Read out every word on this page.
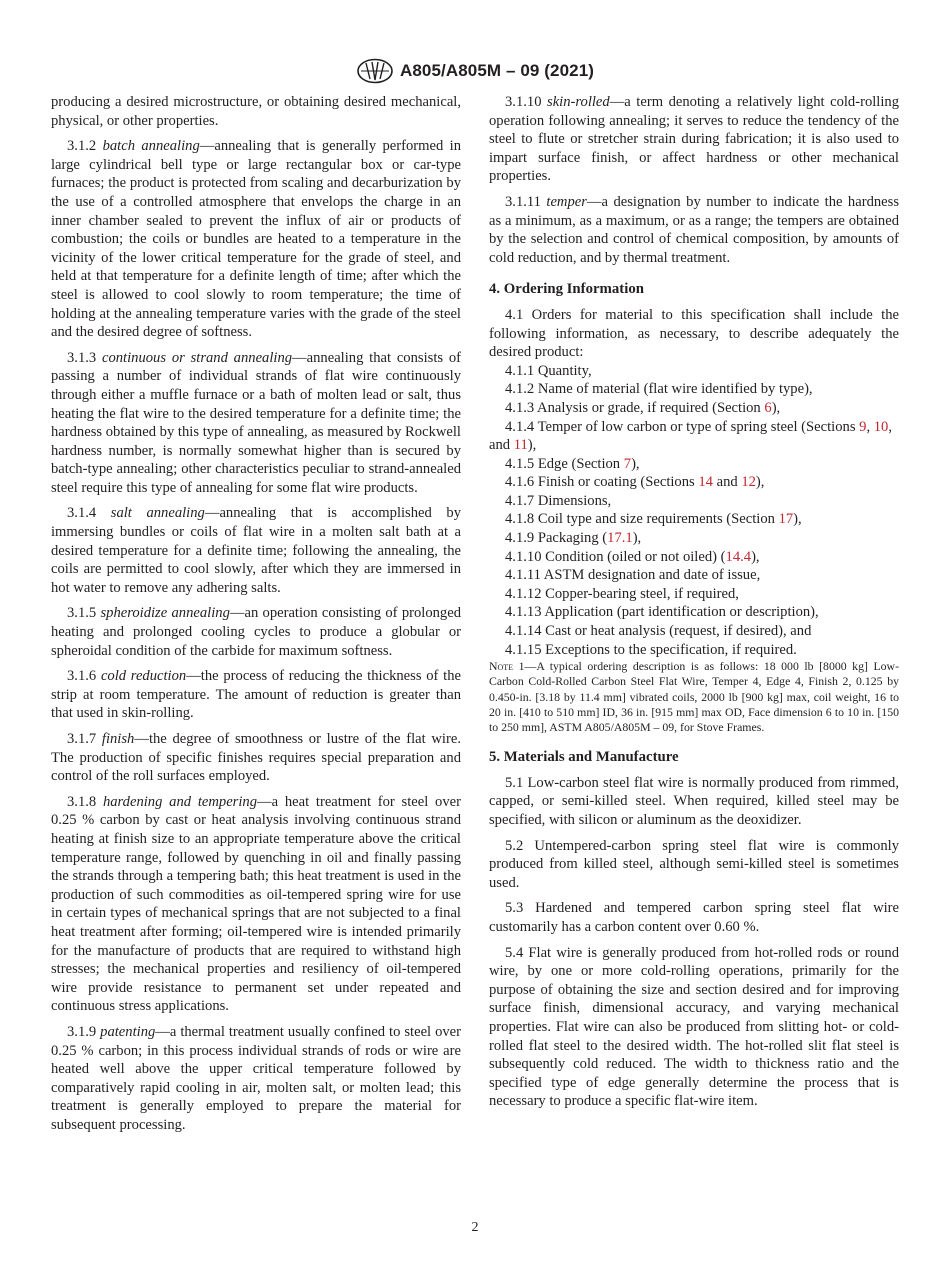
A805/A805M – 09 (2021)

producing a desired microstructure, or obtaining desired mechanical, physical, or other properties.

3.1.2 batch annealing—annealing that is generally performed in large cylindrical bell type or large rectangular box or car-type furnaces; the product is protected from scaling and decarburization by the use of a controlled atmosphere that envelops the charge in an inner chamber sealed to prevent the influx of air or products of combustion; the coils or bundles are heated to a temperature in the vicinity of the lower critical temperature for the grade of steel, and held at that temperature for a definite length of time; after which the steel is allowed to cool slowly to room temperature; the time of holding at the annealing temperature varies with the grade of the steel and the desired degree of softness.

3.1.3 continuous or strand annealing—annealing that consists of passing a number of individual strands of flat wire continuously through either a muffle furnace or a bath of molten lead or salt, thus heating the flat wire to the desired temperature for a definite time; the hardness obtained by this type of annealing, as measured by Rockwell hardness number, is normally somewhat higher than is secured by batch-type annealing; other characteristics peculiar to strand-annealed steel require this type of annealing for some flat wire products.

3.1.4 salt annealing—annealing that is accomplished by immersing bundles or coils of flat wire in a molten salt bath at a desired temperature for a definite time; following the annealing, the coils are permitted to cool slowly, after which they are immersed in hot water to remove any adhering salts.

3.1.5 spheroidize annealing—an operation consisting of prolonged heating and prolonged cooling cycles to produce a globular or spheroidal condition of the carbide for maximum softness.

3.1.6 cold reduction—the process of reducing the thickness of the strip at room temperature. The amount of reduction is greater than that used in skin-rolling.

3.1.7 finish—the degree of smoothness or lustre of the flat wire. The production of specific finishes requires special preparation and control of the roll surfaces employed.

3.1.8 hardening and tempering—a heat treatment for steel over 0.25 % carbon by cast or heat analysis involving continuous strand heating at finish size to an appropriate temperature above the critical temperature range, followed by quenching in oil and finally passing the strands through a tempering bath; this heat treatment is used in the production of such commodities as oil-tempered spring wire for use in certain types of mechanical springs that are not subjected to a final heat treatment after forming; oil-tempered wire is intended primarily for the manufacture of products that are required to withstand high stresses; the mechanical properties and resiliency of oil-tempered wire provide resistance to permanent set under repeated and continuous stress applications.

3.1.9 patenting—a thermal treatment usually confined to steel over 0.25 % carbon; in this process individual strands of rods or wire are heated well above the upper critical temperature followed by comparatively rapid cooling in air, molten salt, or molten lead; this treatment is generally employed to prepare the material for subsequent processing.

3.1.10 skin-rolled—a term denoting a relatively light cold-rolling operation following annealing; it serves to reduce the tendency of the steel to flute or stretcher strain during fabrication; it is also used to impart surface finish, or affect hardness or other mechanical properties.

3.1.11 temper—a designation by number to indicate the hardness as a minimum, as a maximum, or as a range; the tempers are obtained by the selection and control of chemical composition, by amounts of cold reduction, and by thermal treatment.

4. Ordering Information

4.1 Orders for material to this specification shall include the following information, as necessary, to describe adequately the desired product:

4.1.1 Quantity,

4.1.2 Name of material (flat wire identified by type),

4.1.3 Analysis or grade, if required (Section 6),

4.1.4 Temper of low carbon or type of spring steel (Sections 9, 10, and 11),

4.1.5 Edge (Section 7),

4.1.6 Finish or coating (Sections 14 and 12),

4.1.7 Dimensions,

4.1.8 Coil type and size requirements (Section 17),

4.1.9 Packaging (17.1),

4.1.10 Condition (oiled or not oiled) (14.4),

4.1.11 ASTM designation and date of issue,

4.1.12 Copper-bearing steel, if required,

4.1.13 Application (part identification or description),

4.1.14 Cast or heat analysis (request, if desired), and

4.1.15 Exceptions to the specification, if required.

Note 1—A typical ordering description is as follows: 18 000 lb [8000 kg] Low-Carbon Cold-Rolled Carbon Steel Flat Wire, Temper 4, Edge 4, Finish 2, 0.125 by 0.450-in. [3.18 by 11.4 mm] vibrated coils, 2000 lb [900 kg] max, coil weight, 16 to 20 in. [410 to 510 mm] ID, 36 in. [915 mm] max OD, Face dimension 6 to 10 in. [150 to 250 mm], ASTM A805/A805M – 09, for Stove Frames.

5. Materials and Manufacture

5.1 Low-carbon steel flat wire is normally produced from rimmed, capped, or semi-killed steel. When required, killed steel may be specified, with silicon or aluminum as the deoxidizer.

5.2 Untempered-carbon spring steel flat wire is commonly produced from killed steel, although semi-killed steel is sometimes used.

5.3 Hardened and tempered carbon spring steel flat wire customarily has a carbon content over 0.60 %.

5.4 Flat wire is generally produced from hot-rolled rods or round wire, by one or more cold-rolling operations, primarily for the purpose of obtaining the size and section desired and for improving surface finish, dimensional accuracy, and varying mechanical properties. Flat wire can also be produced from slitting hot- or cold-rolled flat steel to the desired width. The hot-rolled slit flat steel is subsequently cold reduced. The width to thickness ratio and the specified type of edge generally determine the process that is necessary to produce a specific flat-wire item.

2
